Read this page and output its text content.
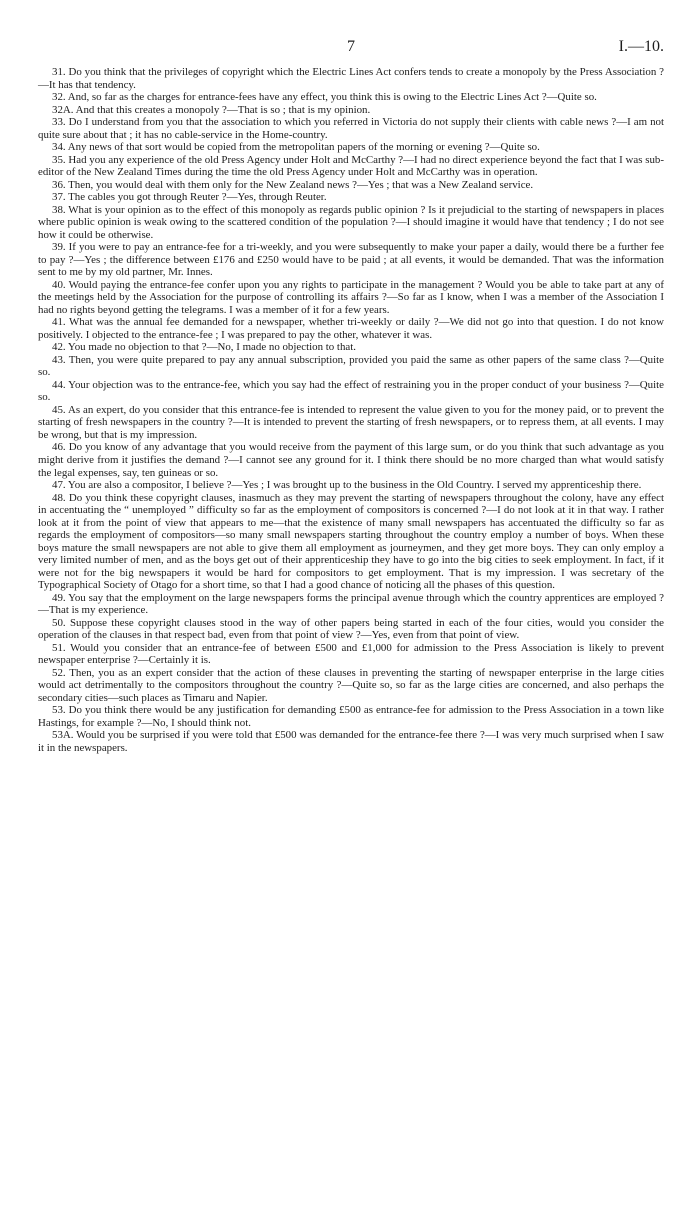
7	I.—10.

31. Do you think that the privileges of copyright which the Electric Lines Act confers tends to create a monopoly by the Press Association ?—It has that tendency.

32. And, so far as the charges for entrance-fees have any effect, you think this is owing to the Electric Lines Act ?—Quite so.

32A. And that this creates a monopoly ?—That is so ; that is my opinion.

33. Do I understand from you that the association to which you referred in Victoria do not supply their clients with cable news ?—I am not quite sure about that ; it has no cable-service in the Home-country.

34. Any news of that sort would be copied from the metropolitan papers of the morning or evening ?—Quite so.

35. Had you any experience of the old Press Agency under Holt and McCarthy ?—I had no direct experience beyond the fact that I was sub-editor of the New Zealand Times during the time the old Press Agency under Holt and McCarthy was in operation.

36. Then, you would deal with them only for the New Zealand news ?—Yes ; that was a New Zealand service.

37. The cables you got through Reuter ?—Yes, through Reuter.

38. What is your opinion as to the effect of this monopoly as regards public opinion ? Is it prejudicial to the starting of newspapers in places where public opinion is weak owing to the scattered condition of the population ?—I should imagine it would have that tendency ; I do not see how it could be otherwise.

39. If you were to pay an entrance-fee for a tri-weekly, and you were subsequently to make your paper a daily, would there be a further fee to pay ?—Yes ; the difference between £176 and £250 would have to be paid ; at all events, it would be demanded. That was the information sent to me by my old partner, Mr. Innes.

40. Would paying the entrance-fee confer upon you any rights to participate in the management ? Would you be able to take part at any of the meetings held by the Association for the purpose of controlling its affairs ?—So far as I know, when I was a member of the Association I had no rights beyond getting the telegrams. I was a member of it for a few years.

41. What was the annual fee demanded for a newspaper, whether tri-weekly or daily ?—We did not go into that question. I do not know positively. I objected to the entrance-fee ; I was prepared to pay the other, whatever it was.

42. You made no objection to that ?—No, I made no objection to that.

43. Then, you were quite prepared to pay any annual subscription, provided you paid the same as other papers of the same class ?—Quite so.

44. Your objection was to the entrance-fee, which you say had the effect of restraining you in the proper conduct of your business ?—Quite so.

45. As an expert, do you consider that this entrance-fee is intended to represent the value given to you for the money paid, or to prevent the starting of fresh newspapers in the country ?—It is intended to prevent the starting of fresh newspapers, or to repress them, at all events. I may be wrong, but that is my impression.

46. Do you know of any advantage that you would receive from the payment of this large sum, or do you think that such advantage as you might derive from it justifies the demand ?—I cannot see any ground for it. I think there should be no more charged than what would satisfy the legal expenses, say, ten guineas or so.

47. You are also a compositor, I believe ?—Yes ; I was brought up to the business in the Old Country. I served my apprenticeship there.

48. Do you think these copyright clauses, inasmuch as they may prevent the starting of newspapers throughout the colony, have any effect in accentuating the “ unemployed ” difficulty so far as the employment of compositors is concerned ?—I do not look at it in that way. I rather look at it from the point of view that appears to me—that the existence of many small newspapers has accentuated the difficulty so far as regards the employment of compositors—so many small newspapers starting throughout the country employ a number of boys. When these boys mature the small newspapers are not able to give them all employment as journeymen, and they get more boys. They can only employ a very limited number of men, and as the boys get out of their apprenticeship they have to go into the big cities to seek employment. In fact, if it were not for the big newspapers it would be hard for compositors to get employment. That is my impression. I was secretary of the Typographical Society of Otago for a short time, so that I had a good chance of noticing all the phases of this question.

49. You say that the employment on the large newspapers forms the principal avenue through which the country apprentices are employed ?—That is my experience.

50. Suppose these copyright clauses stood in the way of other papers being started in each of the four cities, would you consider the operation of the clauses in that respect bad, even from that point of view ?—Yes, even from that point of view.

51. Would you consider that an entrance-fee of between £500 and £1,000 for admission to the Press Association is likely to prevent newspaper enterprise ?—Certainly it is.

52. Then, you as an expert consider that the action of these clauses in preventing the starting of newspaper enterprise in the large cities would act detrimentally to the compositors throughout the country ?—Quite so, so far as the large cities are concerned, and also perhaps the secondary cities—such places as Timaru and Napier.

53. Do you think there would be any justification for demanding £500 as entrance-fee for admission to the Press Association in a town like Hastings, for example ?—No, I should think not.

53A. Would you be surprised if you were told that £500 was demanded for the entrance-fee there ?—I was very much surprised when I saw it in the newspapers.
